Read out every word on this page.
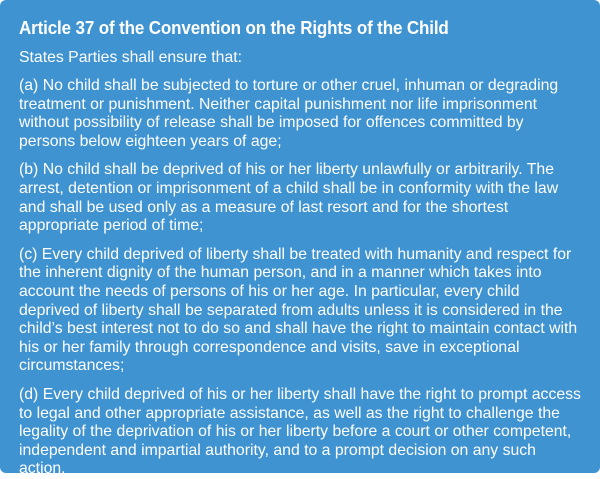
Article 37 of the Convention on the Rights of the Child

States Parties shall ensure that:

(a) No child shall be subjected to torture or other cruel, inhuman or degrading treatment or punishment. Neither capital punishment nor life imprisonment without possibility of release shall be imposed for offences committed by persons below eighteen years of age;

(b) No child shall be deprived of his or her liberty unlawfully or arbitrarily. The arrest, detention or imprisonment of a child shall be in conformity with the law and shall be used only as a measure of last resort and for the shortest appropriate period of time;

(c) Every child deprived of liberty shall be treated with humanity and respect for the inherent dignity of the human person, and in a manner which takes into account the needs of persons of his or her age. In particular, every child deprived of liberty shall be separated from adults unless it is considered in the child’s best interest not to do so and shall have the right to maintain contact with his or her family through correspondence and visits, save in exceptional circumstances;

(d) Every child deprived of his or her liberty shall have the right to prompt access to legal and other appropriate assistance, as well as the right to challenge the legality of the deprivation of his or her liberty before a court or other competent, independent and impartial authority, and to a prompt decision on any such action.
